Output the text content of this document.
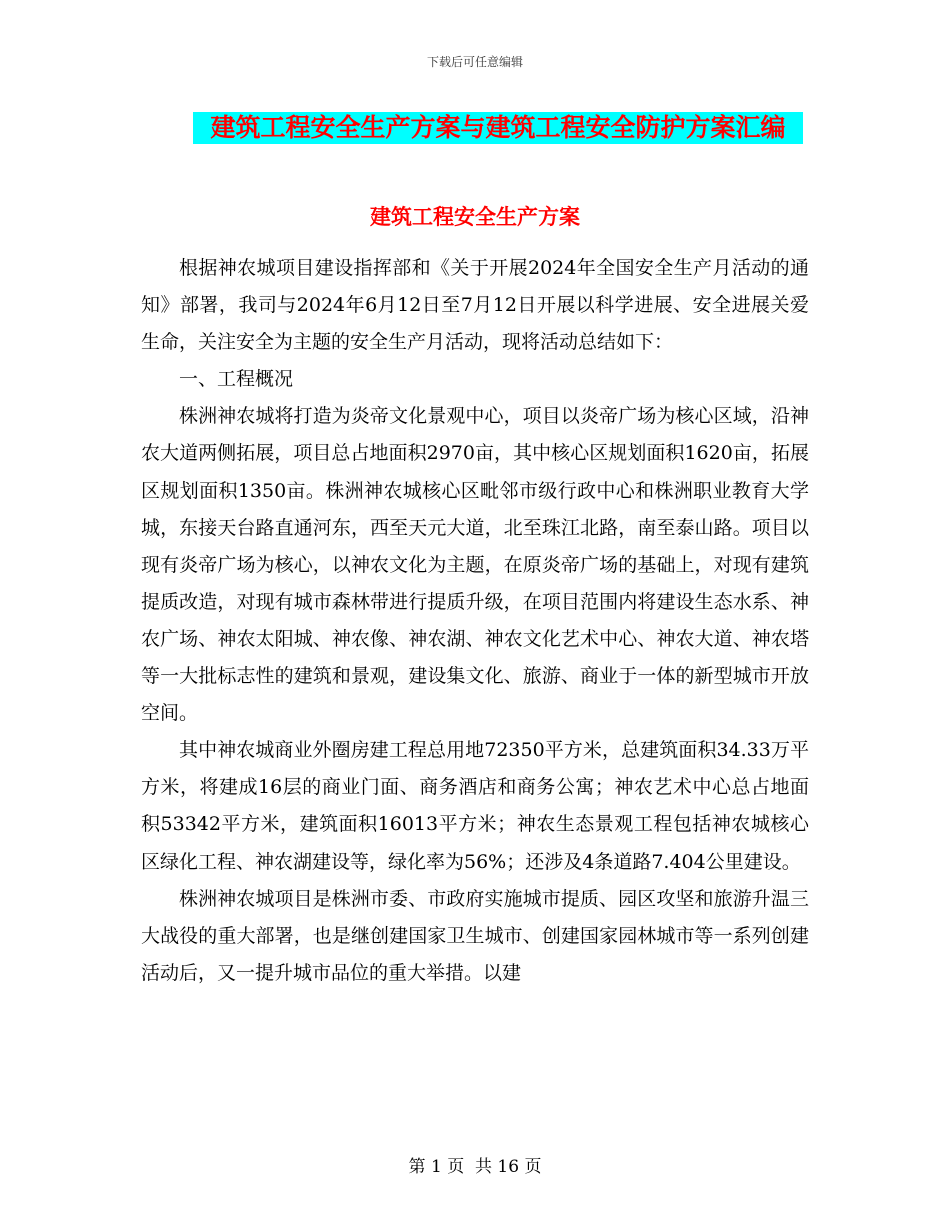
下载后可任意编辑
建筑工程安全生产方案与建筑工程安全防护方案汇编
建筑工程安全生产方案

根据神农城项目建设指挥部和《关于开展2024年全国安全生产月活动的通知》部署，我司与2024年6月12日至7月12日开展以科学进展、安全进展关爱生命，关注安全为主题的安全生产月活动，现将活动总结如下：

一、工程概况

株洲神农城将打造为炎帝文化景观中心，项目以炎帝广场为核心区域，沿神农大道两侧拓展，项目总占地面积2970亩，其中核心区规划面积1620亩，拓展区规划面积1350亩。株洲神农城核心区毗邻市级行政中心和株洲职业教育大学城，东接天台路直通河东，西至天元大道，北至珠江北路，南至泰山路。项目以现有炎帝广场为核心，以神农文化为主题，在原炎帝广场的基础上，对现有建筑提质改造，对现有城市森林带进行提质升级，在项目范围内将建设生态水系、神农广场、神农太阳城、神农像、神农湖、神农文化艺术中心、神农大道、神农塔等一大批标志性的建筑和景观，建设集文化、旅游、商业于一体的新型城市开放空间。

其中神农城商业外圈房建工程总用地72350平方米，总建筑面积34.33万平方米，将建成16层的商业门面、商务酒店和商务公寓；神农艺术中心总占地面积53342平方米，建筑面积16013平方米；神农生态景观工程包括神农城核心区绿化工程、神农湖建设等，绿化率为56%；还涉及4条道路7.404公里建设。

株洲神农城项目是株洲市委、市政府实施城市提质、园区攻坚和旅游升温三大战役的重大部署，也是继创建国家卫生城市、创建国家园林城市等一系列创建活动后，又一提升城市品位的重大举措。以建

第 1 页  共 16 页
